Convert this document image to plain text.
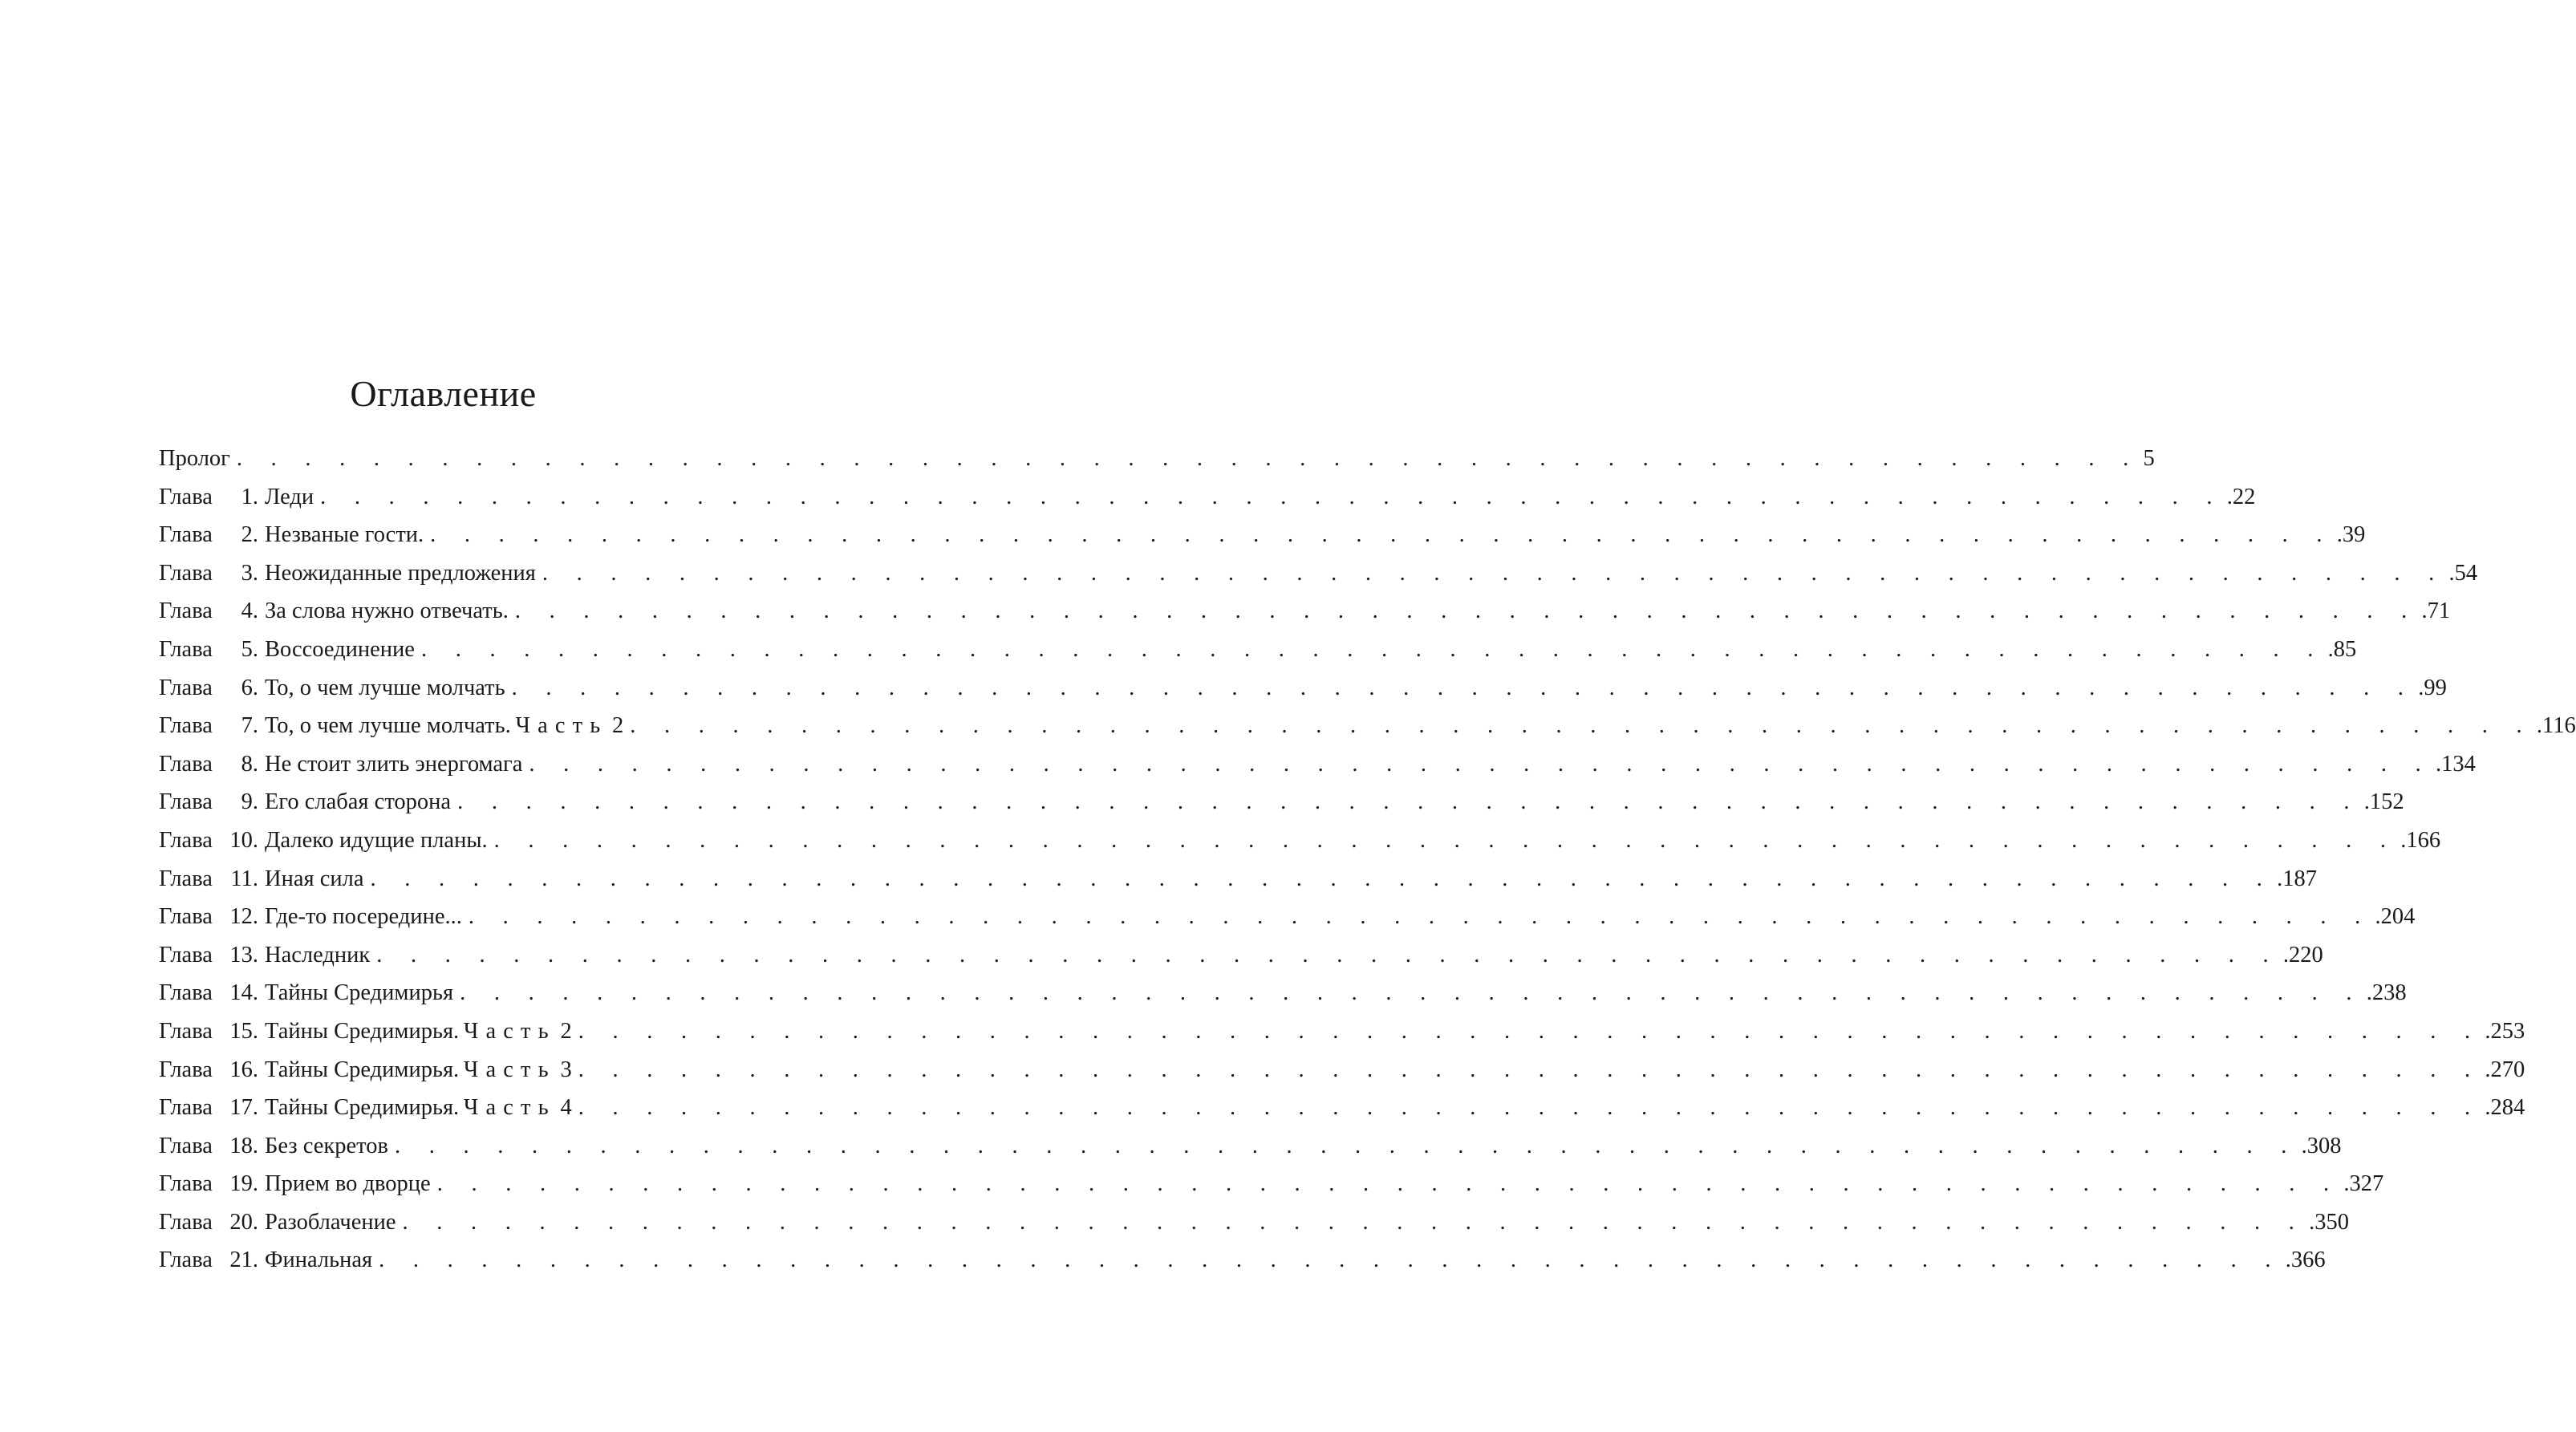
Оглавление
Пролог . . . . . . . . . . . . . . . . . . . . . . . . . . . . . . . . . . . . . . . . . . . . . . . . . . . . . . . . 5
Глава	1. Леди . . . . . . . . . . . . . . . . . . . . . . . . . . . . . . . . . . . . . . . . . . . . . . . . . . . . . . . . .22
Глава	2. Незваные гости. . . . . . . . . . . . . . . . . . . . . . . . . . . . . . . . . . . . . . . . . . . . . . . . . . . . . . . . . .39
Глава	3. Неожиданные предложения . . . . . . . . . . . . . . . . . . . . . . . . . . . . . . . . . . . . . . . . . . . . . . . . . . . . . . . . .54
Глава	4. За слова нужно отвечать. . . . . . . . . . . . . . . . . . . . . . . . . . . . . . . . . . . . . . . . . . . . . . . . . . . . . . . . . .71
Глава	5. Воссоединение . . . . . . . . . . . . . . . . . . . . . . . . . . . . . . . . . . . . . . . . . . . . . . . . . . . . . . . . .85
Глава	6. То, о чем лучше молчать . . . . . . . . . . . . . . . . . . . . . . . . . . . . . . . . . . . . . . . . . . . . . . . . . . . . . . . . .99
Глава	7. То, о чем лучше молчать. Часть 2 . . . . . . . . . . . . . . . . . . . . . . . . . . . . . . . . . . . . . . . . . . . . . . . . . . . . . . . . .116
Глава	8. Не стоит злить энергомага . . . . . . . . . . . . . . . . . . . . . . . . . . . . . . . . . . . . . . . . . . . . . . . . . . . . . . . . .134
Глава	9. Его слабая сторона . . . . . . . . . . . . . . . . . . . . . . . . . . . . . . . . . . . . . . . . . . . . . . . . . . . . . . . . .152
Глава 10. Далеко идущие планы. . . . . . . . . . . . . . . . . . . . . . . . . . . . . . . . . . . . . . . . . . . . . . . . . . . . . . . . . .166
Глава 11. Иная сила . . . . . . . . . . . . . . . . . . . . . . . . . . . . . . . . . . . . . . . . . . . . . . . . . . . . . . . . .187
Глава 12. Где-то посередине... . . . . . . . . . . . . . . . . . . . . . . . . . . . . . . . . . . . . . . . . . . . . . . . . . . . . . . . . .204
Глава 13. Наследник . . . . . . . . . . . . . . . . . . . . . . . . . . . . . . . . . . . . . . . . . . . . . . . . . . . . . . . . .220
Глава 14. Тайны Средимирья . . . . . . . . . . . . . . . . . . . . . . . . . . . . . . . . . . . . . . . . . . . . . . . . . . . . . . . . .238
Глава 15. Тайны Средимирья. Часть 2 . . . . . . . . . . . . . . . . . . . . . . . . . . . . . . . . . . . . . . . . . . . . . . . . . . . . . . . . .253
Глава 16. Тайны Средимирья. Часть 3 . . . . . . . . . . . . . . . . . . . . . . . . . . . . . . . . . . . . . . . . . . . . . . . . . . . . . . . . .270
Глава 17. Тайны Средимирья. Часть 4 . . . . . . . . . . . . . . . . . . . . . . . . . . . . . . . . . . . . . . . . . . . . . . . . . . . . . . . . .284
Глава 18. Без секретов . . . . . . . . . . . . . . . . . . . . . . . . . . . . . . . . . . . . . . . . . . . . . . . . . . . . . . . . .308
Глава 19. Прием во дворце . . . . . . . . . . . . . . . . . . . . . . . . . . . . . . . . . . . . . . . . . . . . . . . . . . . . . . . . .327
Глава 20. Разоблачение . . . . . . . . . . . . . . . . . . . . . . . . . . . . . . . . . . . . . . . . . . . . . . . . . . . . . . . . .350
Глава 21. Финальная . . . . . . . . . . . . . . . . . . . . . . . . . . . . . . . . . . . . . . . . . . . . . . . . . . . . . . . . .366
